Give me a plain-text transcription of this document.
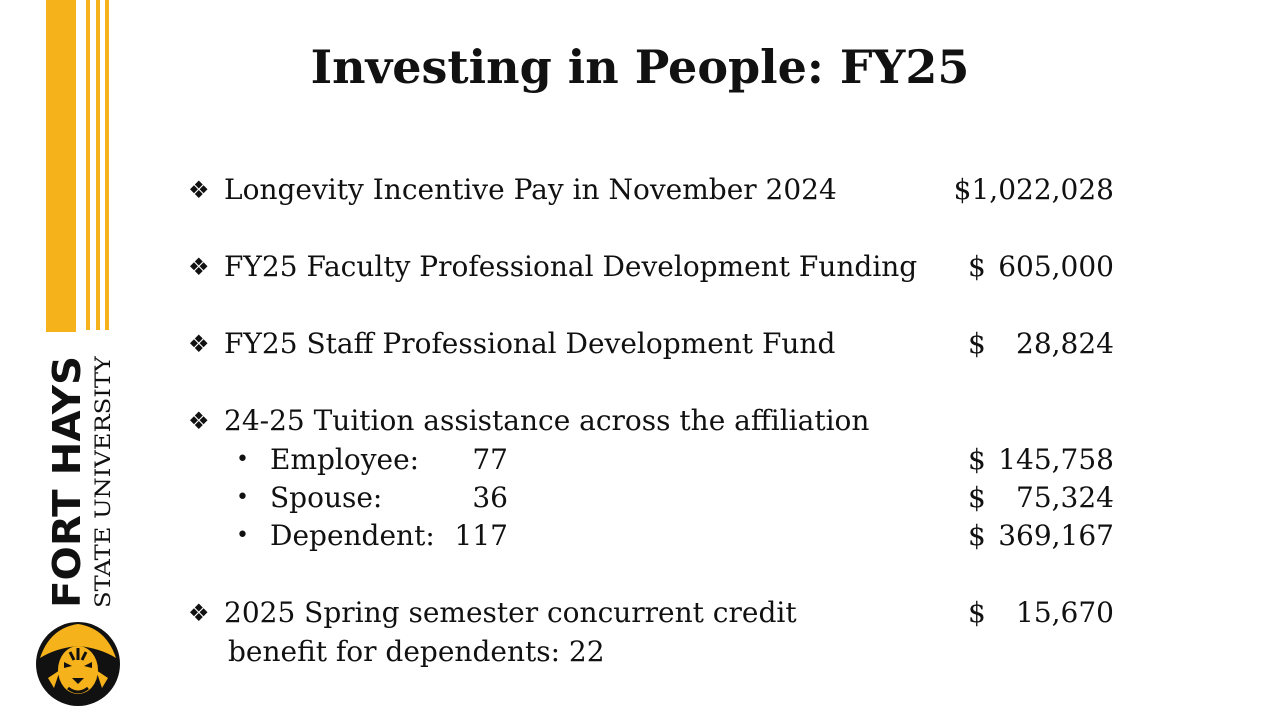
FORT HAYS STATE UNIVERSITY
Investing in People: FY25
❖ Longevity Incentive Pay in November 2024	$1,022,028
❖ FY25 Faculty Professional Development Funding $ 605,000
❖ FY25 Staff Professional Development Fund	$ 28,824
❖ 24-25 Tuition assistance across the affiliation
• Employee:	77	$ 145,758
• Spouse:	36	$ 75,324
• Dependent: 117	$ 369,167
❖ 2025 Spring semester concurrent credit	$ 15,670
benefit for dependents: 22
